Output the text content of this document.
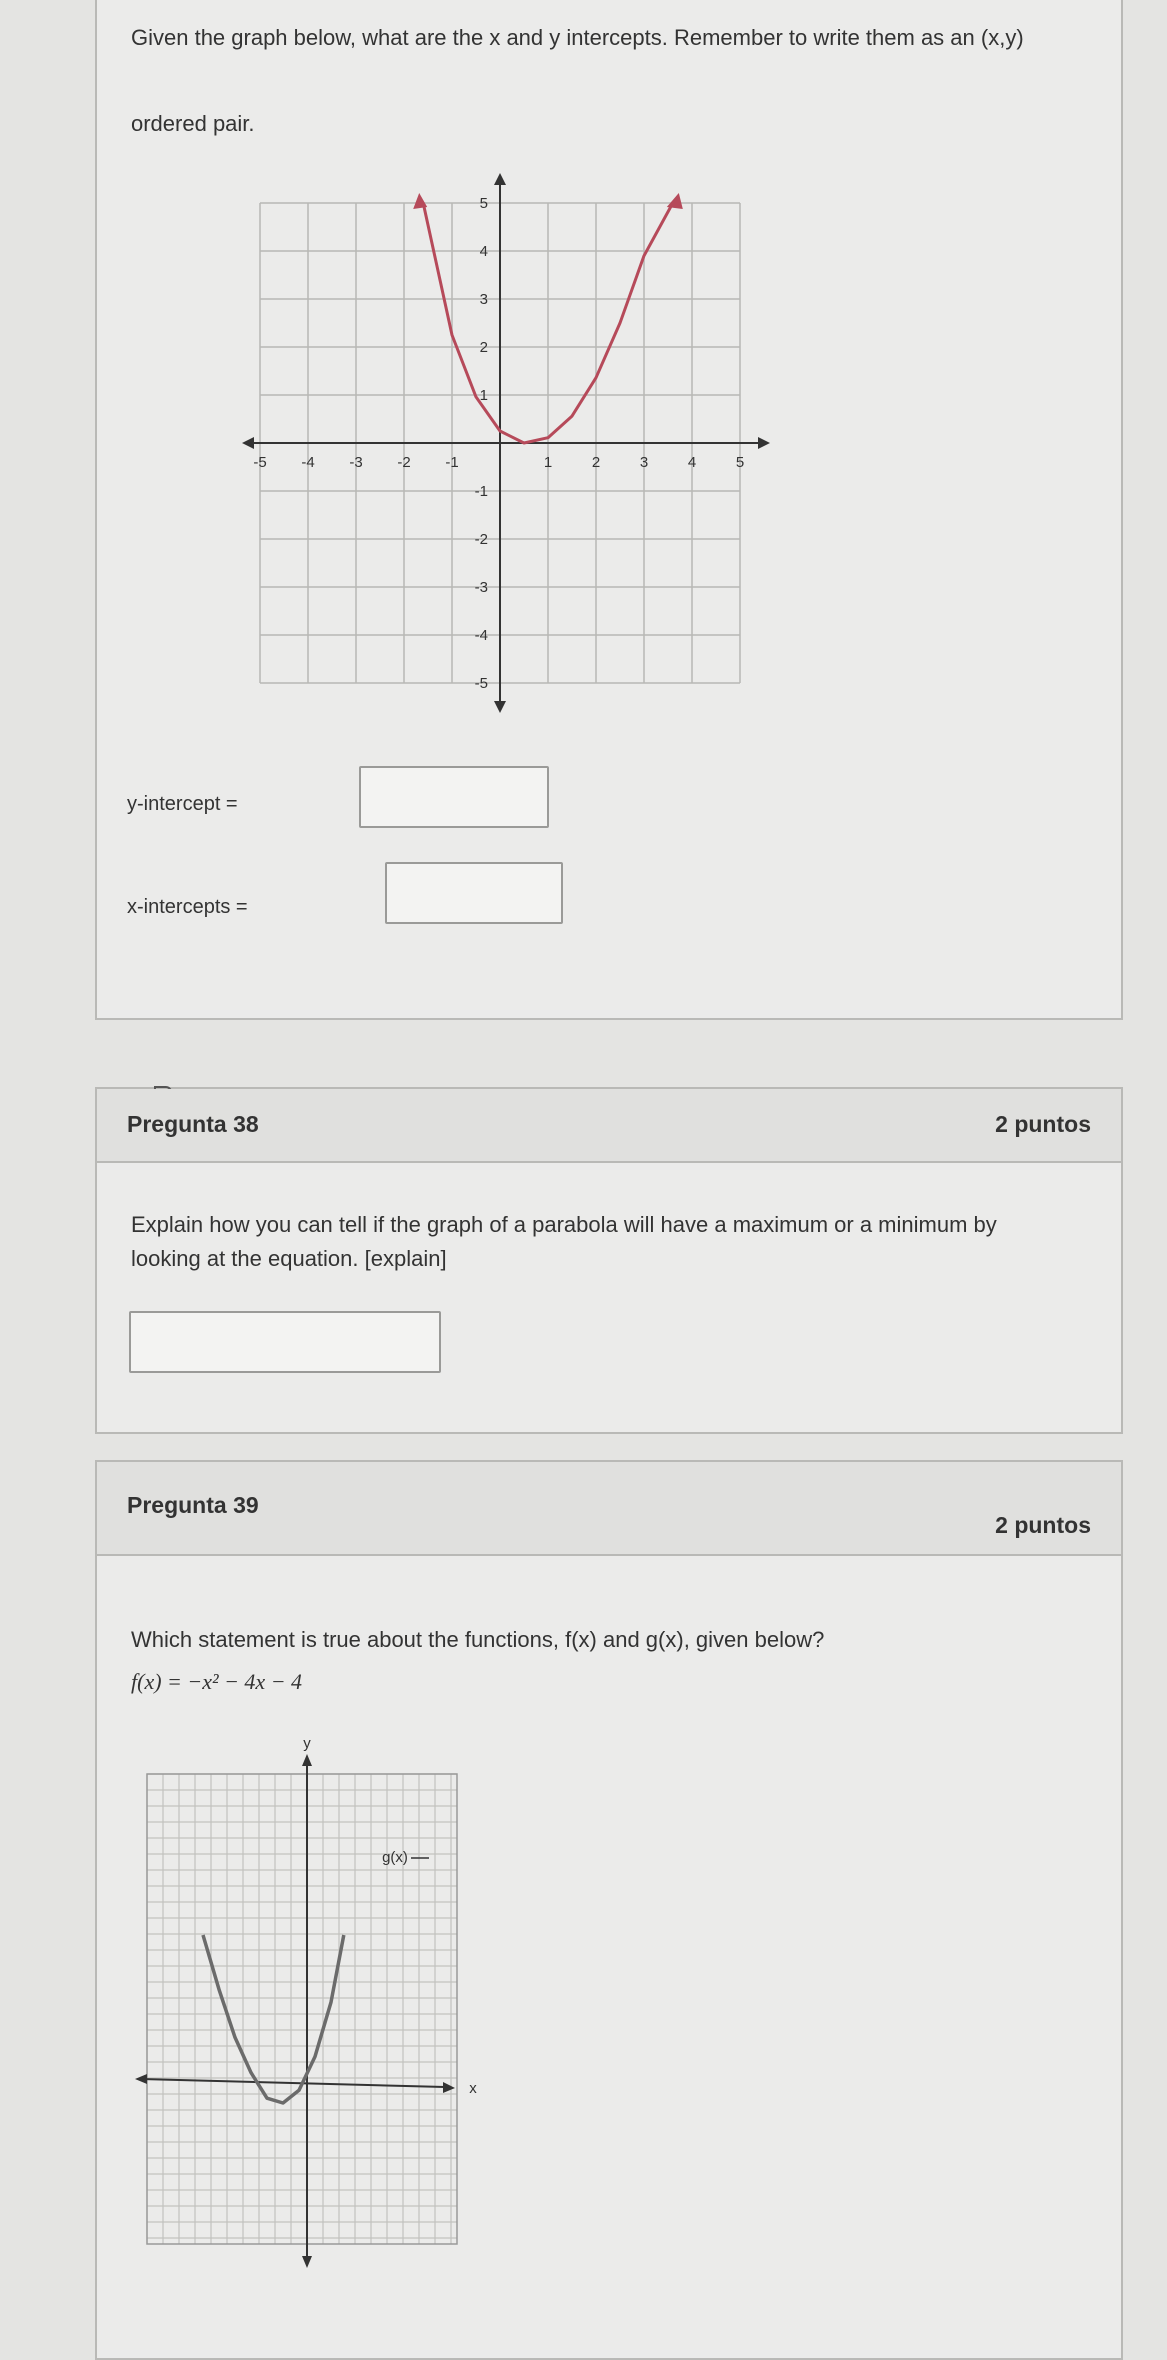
Given the graph below, what are the x and y intercepts. Remember to write them as an (x,y)
ordered pair.
-5 -4 -3 -2 -1	1	2	3	4	5
5
4
3
2
1
-1
-2
-3
-4
-5
y-intercept =
x-intercepts =
Pregunta 38	2 puntos
Explain how you can tell if the graph of a parabola will have a maximum or a minimum by
looking at the equation. [explain]
Pregunta 39
2 puntos
Which statement is true about the functions, f(x) and g(x), given below?
f(x) = −x² − 4x − 4
y
x
g(x)
